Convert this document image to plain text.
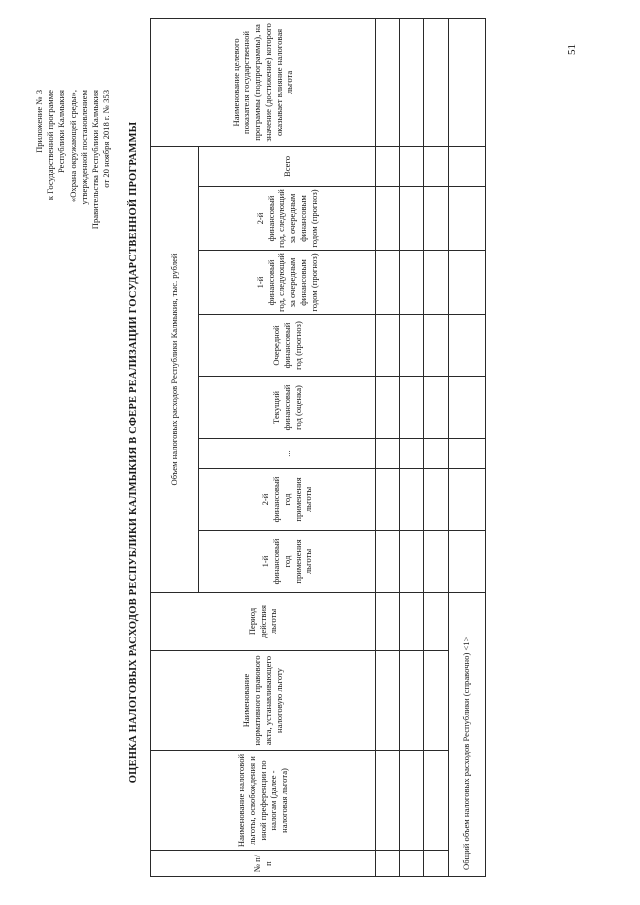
Приложение № 3 к Государственной программе Республики Калмыкия «Охрана окружающей среды», утвержденной постановлением Правительства Республики Калмыкия от 20 ноября 2018 г. № 353 ОЦЕНКА НАЛОГОВЫХ РАСХОДОВ РЕСПУБЛИКИ КАЛМЫКИЯ В СФЕРЕ РЕАЛИЗАЦИИ ГОСУДАРСТВЕННОЙ ПРОГРАММЫ
№ п/п	Наименование налоговой льготы, освобождения и иной преференции по налогам (далее - налоговая льгота)	Наименование нормативного правового акта, устанавливающего налоговую льготу	Период действия льготы	Объем налоговых расходов Республики Калмыкия, тыс. рублей								Наименование целевого показателя государственной программы (подпрограммы), на значение (достижение) которого оказывает влияние налоговая льгота
				1-й финансовый год применения льготы	2-й финансовый год применения льготы	...	Текущий финансовый год (оценка)	Очередной финансовый год (прогноз)	1-й финансовый год, следующий за очередным финансовым годом (прогноз)	2-й финансовый год, следующий за очередным финансовым годом (прогноз)	Всего	

Общий объем налоговых расходов Республики (справочно) <1>												
51
